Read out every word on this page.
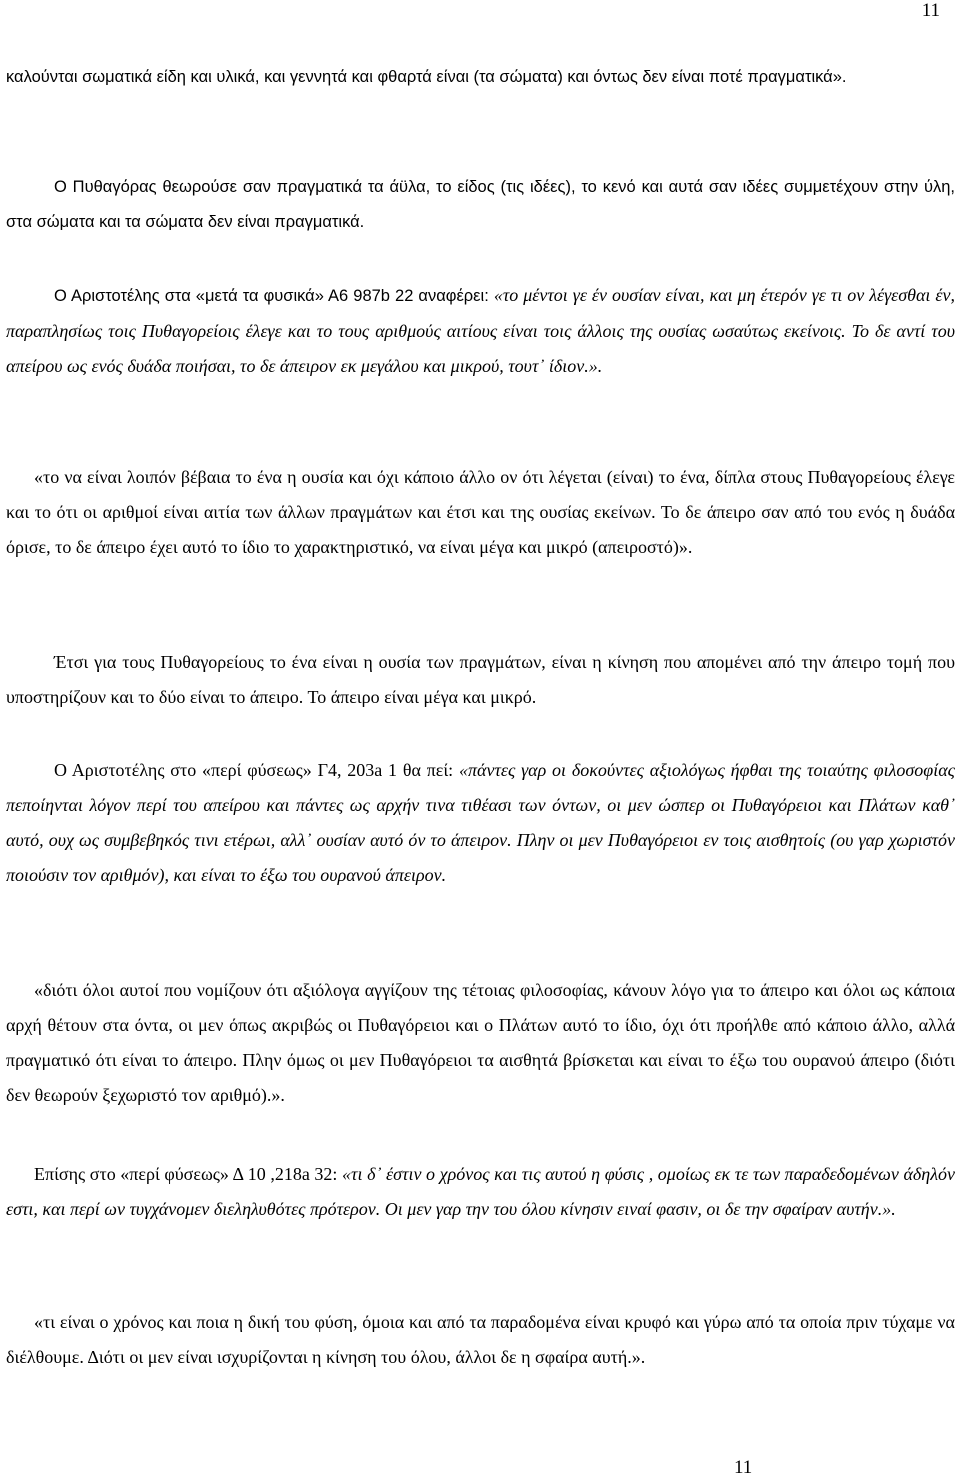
11

καλούνται σωματικά είδη και υλικά, και γεννητά και φθαρτά είναι (τα σώματα) και όντως δεν είναι ποτέ πραγματικά».

Ο Πυθαγόρας θεωρούσε σαν πραγματικά τα άϋλα, το είδος (τις ιδέες), το κενό και αυτά σαν ιδέες συμμετέχουν στην ύλη, στα σώματα και τα σώματα δεν είναι πραγματικά.

Ο Αριστοτέλης στα «μετά τα φυσικά» Α6 987b 22 αναφέρει: «το μέντοι γε έν ουσίαν είναι, και μη έτερόν γε τι ον λέγεσθαι έν, παραπλησίως τοις Πυθαγορείοις έλεγε και το τους αριθμούς αιτίους είναι τοις άλλοις της ουσίας ωσαύτως εκείνοις. Το δε αντί του απείρου ως ενός δυάδα ποιήσαι, το δε άπειρον εκ μεγάλου και μικρού, τουτ᾽ ίδιον.».

«το να είναι λοιπόν βέβαια το ένα η ουσία και όχι κάποιο άλλο ον ότι λέγεται (είναι) το ένα, δίπλα στους Πυθαγορείους έλεγε και το ότι οι αριθμοί είναι αιτία των άλλων πραγμάτων και έτσι και της ουσίας εκείνων. Το δε άπειρο σαν από του ενός η δυάδα όρισε, το δε άπειρο έχει αυτό το ίδιο το χαρακτηριστικό, να είναι μέγα και μικρό (απειροστό)».

Έτσι για τους Πυθαγορείους το ένα είναι η ουσία των πραγμάτων, είναι η κίνηση που απομένει από την άπειρο τομή που υποστηρίζουν και το δύο είναι το άπειρο. Το άπειρο είναι μέγα και μικρό.

Ο Αριστοτέλης στο «περί φύσεως» Γ4, 203a 1 θα πεί: «πάντες γαρ οι δοκούντες αξιολόγως ήφθαι της τοιαύτης φιλοσοφίας πεποίηνται λόγον περί του απείρου και πάντες ως αρχήν τινα τιθέασι των όντων, οι μεν ώσπερ οι Πυθαγόρειοι και Πλάτων καθ᾽ αυτό, ουχ ως συμβεβηκός τινι ετέρωι, αλλ᾽ ουσίαν αυτό όν το άπειρον. Πλην οι μεν Πυθαγόρειοι εν τοις αισθητοίς (ου γαρ χωριστόν ποιούσιν τον αριθμόν), και είναι το έξω του ουρανού άπειρον.

«διότι όλοι αυτοί που νομίζουν ότι αξιόλογα αγγίζουν της τέτοιας φιλοσοφίας, κάνουν λόγο για το άπειρο και όλοι ως κάποια αρχή θέτουν στα όντα, οι μεν όπως ακριβώς οι Πυθαγόρειοι και ο Πλάτων αυτό το ίδιο, όχι ότι προήλθε από κάποιο άλλο, αλλά πραγματικό ότι είναι το άπειρο. Πλην όμως οι μεν Πυθαγόρειοι τα αισθητά βρίσκεται και είναι το έξω του ουρανού άπειρο (διότι δεν θεωρούν ξεχωριστό τον αριθμό).».

Επίσης στο «περί φύσεως» Δ 10 ,218a 32: «τι δ᾽ έστιν ο χρόνος και τις αυτού η φύσις , ομοίως εκ τε των παραδεδομένων άδηλόν εστι, και περί ων τυγχάνομεν διεληλυθότες πρότερον. Οι μεν γαρ την του όλου κίνησιν ειναί φασιν, οι δε την σφαίραν αυτήν.».

«τι είναι ο χρόνος και ποια η δική του φύση, όμοια και από τα παραδομένα είναι κρυφό και γύρω από τα οποία πριν τύχαμε να διέλθουμε. Διότι οι μεν είναι ισχυρίζονται η κίνηση του όλου, άλλοι δε η σφαίρα αυτή.».

11
